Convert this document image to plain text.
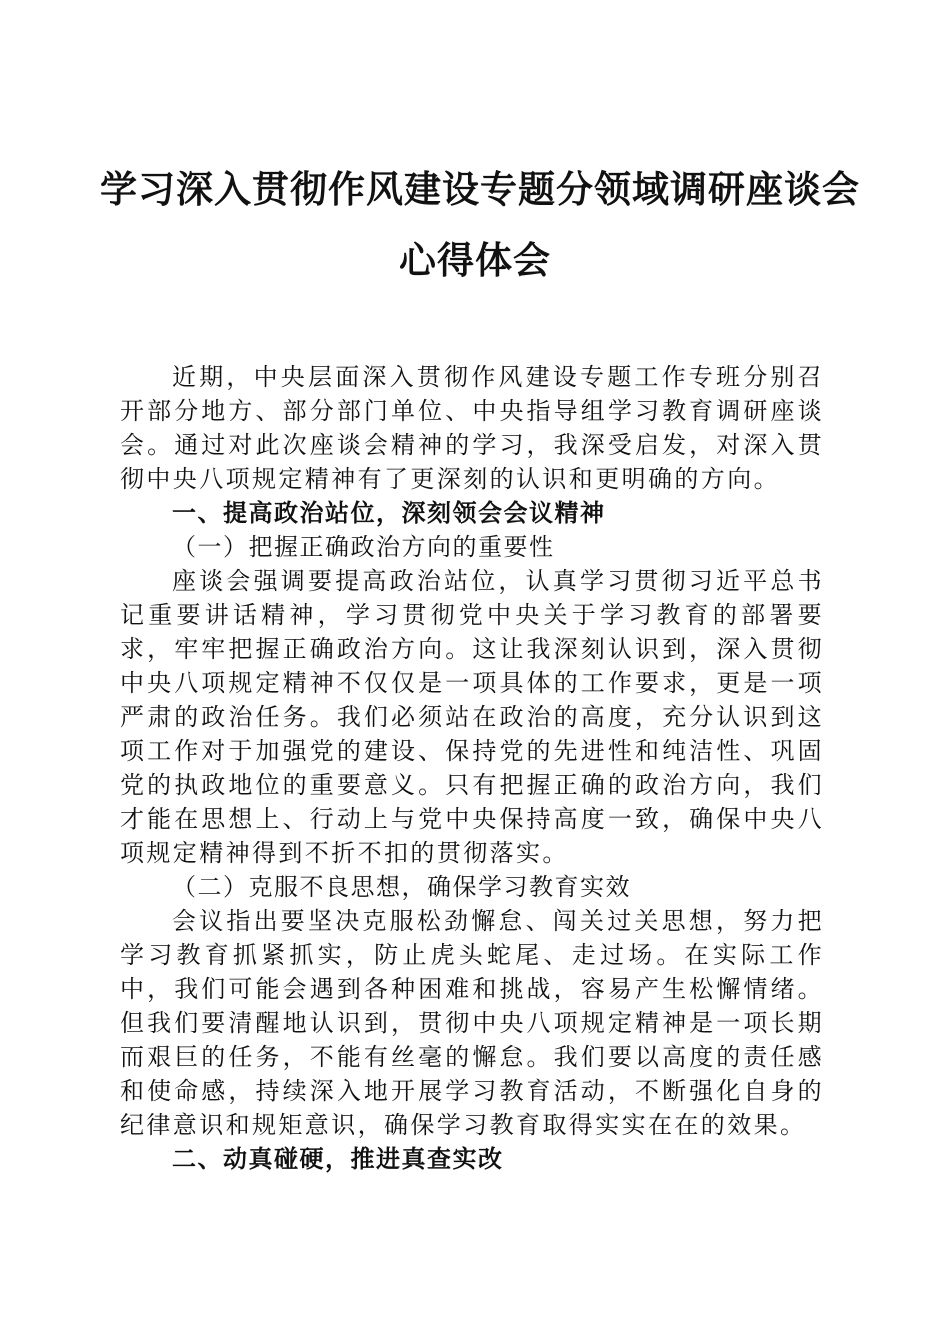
学习深入贯彻作风建设专题分领域调研座谈会
心得体会

近期，中央层面深入贯彻作风建设专题工作专班分别召开部分地方、部分部门单位、中央指导组学习教育调研座谈会。通过对此次座谈会精神的学习，我深受启发，对深入贯彻中央八项规定精神有了更深刻的认识和更明确的方向。

一、提高政治站位，深刻领会会议精神

（一）把握正确政治方向的重要性

座谈会强调要提高政治站位，认真学习贯彻习近平总书记重要讲话精神，学习贯彻党中央关于学习教育的部署要求，牢牢把握正确政治方向。这让我深刻认识到，深入贯彻中央八项规定精神不仅仅是一项具体的工作要求，更是一项严肃的政治任务。我们必须站在政治的高度，充分认识到这项工作对于加强党的建设、保持党的先进性和纯洁性、巩固党的执政地位的重要意义。只有把握正确的政治方向，我们才能在思想上、行动上与党中央保持高度一致，确保中央八项规定精神得到不折不扣的贯彻落实。

（二）克服不良思想，确保学习教育实效

会议指出要坚决克服松劲懈怠、闯关过关思想，努力把学习教育抓紧抓实，防止虎头蛇尾、走过场。在实际工作中，我们可能会遇到各种困难和挑战，容易产生松懈情绪。但我们要清醒地认识到，贯彻中央八项规定精神是一项长期而艰巨的任务，不能有丝毫的懈怠。我们要以高度的责任感和使命感，持续深入地开展学习教育活动，不断强化自身的纪律意识和规矩意识，确保学习教育取得实实在在的效果。

二、动真碰硬，推进真查实改
